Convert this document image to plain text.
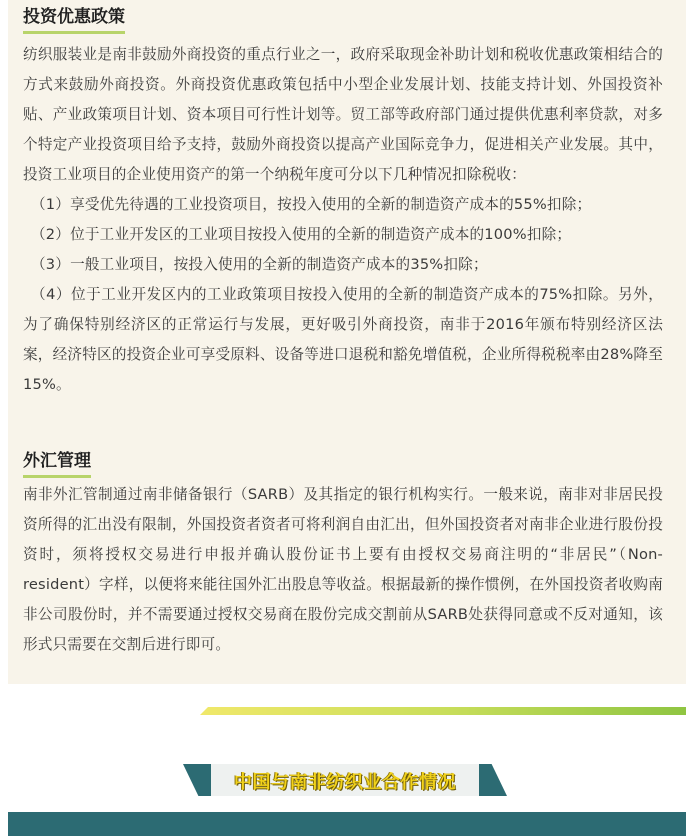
投资优惠政策

纺织服装业是南非鼓励外商投资的重点行业之一，政府采取现金补助计划和税收优惠政策相结合的方式来鼓励外商投资。外商投资优惠政策包括中小型企业发展计划、技能支持计划、外国投资补贴、产业政策项目计划、资本项目可行性计划等。贸工部等政府部门通过提供优惠利率贷款，对多个特定产业投资项目给予支持，鼓励外商投资以提高产业国际竞争力，促进相关产业发展。其中，投资工业项目的企业使用资产的第一个纳税年度可分以下几种情况扣除税收：

（1）享受优先待遇的工业投资项目，按投入使用的全新的制造资产成本的55%扣除；

（2）位于工业开发区的工业项目按投入使用的全新的制造资产成本的100%扣除；

（3）一般工业项目，按投入使用的全新的制造资产成本的35%扣除；

（4）位于工业开发区内的工业政策项目按投入使用的全新的制造资产成本的75%扣除。另外，为了确保特别经济区的正常运行与发展，更好吸引外商投资，南非于2016年颁布特别经济区法案，经济特区的投资企业可享受原料、设备等进口退税和豁免增值税，企业所得税税率由28%降至15%。

外汇管理

南非外汇管制通过南非储备银行（SARB）及其指定的银行机构实行。一般来说，南非对非居民投资所得的汇出没有限制，外国投资者资者可将利润自由汇出，但外国投资者对南非企业进行股份投资时，须将授权交易进行申报并确认股份证书上要有由授权交易商注明的“非居民”（Non-resident）字样，以便将来能往国外汇出股息等收益。根据最新的操作惯例，在外国投资者收购南非公司股份时，并不需要通过授权交易商在股份完成交割前从SARB处获得同意或不反对通知，该形式只需要在交割后进行即可。

中国与南非纺织业合作情况
